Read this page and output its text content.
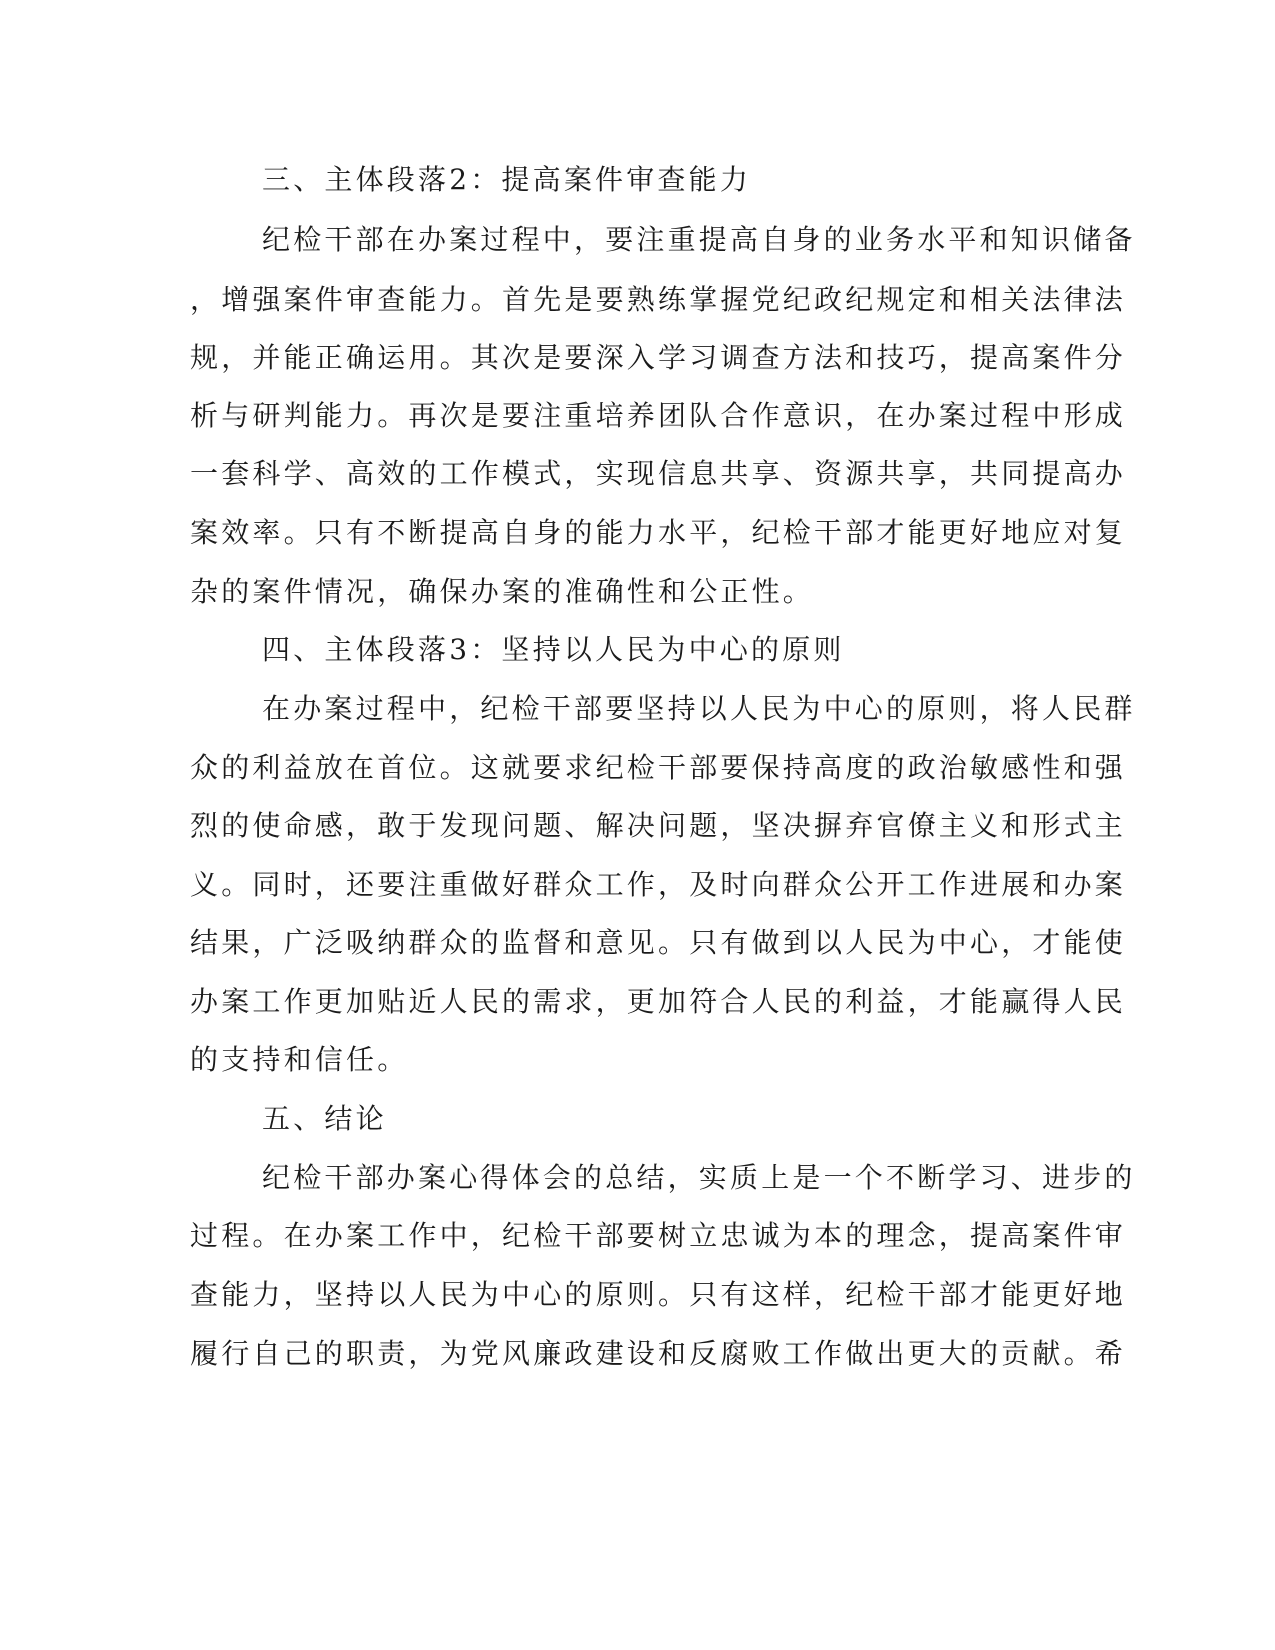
三、主体段落2：提高案件审查能力
纪检干部在办案过程中，要注重提高自身的业务水平和知识储备
，增强案件审查能力。首先是要熟练掌握党纪政纪规定和相关法律法
规，并能正确运用。其次是要深入学习调查方法和技巧，提高案件分
析与研判能力。再次是要注重培养团队合作意识，在办案过程中形成
一套科学、高效的工作模式，实现信息共享、资源共享，共同提高办
案效率。只有不断提高自身的能力水平，纪检干部才能更好地应对复
杂的案件情况，确保办案的准确性和公正性。
四、主体段落3：坚持以人民为中心的原则
在办案过程中，纪检干部要坚持以人民为中心的原则，将人民群
众的利益放在首位。这就要求纪检干部要保持高度的政治敏感性和强
烈的使命感，敢于发现问题、解决问题，坚决摒弃官僚主义和形式主
义。同时，还要注重做好群众工作，及时向群众公开工作进展和办案
结果，广泛吸纳群众的监督和意见。只有做到以人民为中心，才能使
办案工作更加贴近人民的需求，更加符合人民的利益，才能赢得人民
的支持和信任。
五、结论
纪检干部办案心得体会的总结，实质上是一个不断学习、进步的
过程。在办案工作中，纪检干部要树立忠诚为本的理念，提高案件审
查能力，坚持以人民为中心的原则。只有这样，纪检干部才能更好地
履行自己的职责，为党风廉政建设和反腐败工作做出更大的贡献。希
